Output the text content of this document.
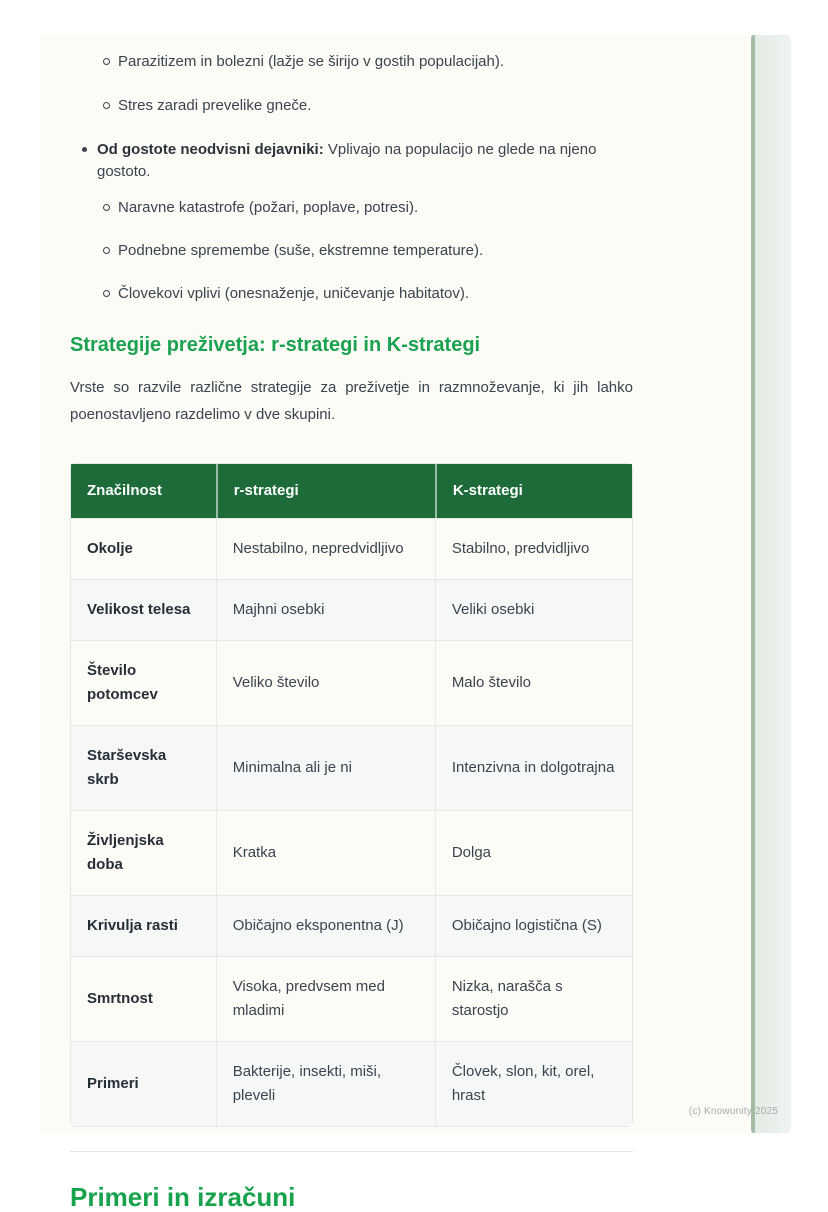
Parazitizem in bolezni (lažje se širijo v gostih populacijah).
Stres zaradi prevelike gneče.
Od gostote neodvisni dejavniki: Vplivajo na populacijo ne glede na njeno gostoto.
Naravne katastrofe (požari, poplave, potresi).
Podnebne spremembe (suše, ekstremne temperature).
Človekovi vplivi (onesnaženje, uničevanje habitatov).
Strategije preživetja: r-strategi in K-strategi

Vrste so razvile različne strategije za preživetje in razmnoževanje, ki jih lahko poenostavljeno razdelimo v dve skupini.

Značilnost	r-strategi	K-strategi
Okolje	Nestabilno, nepredvidljivo	Stabilno, predvidljivo
Velikost telesa	Majhni osebki	Veliki osebki
Število potomcev	Veliko število	Malo število
Starševska skrb	Minimalna ali je ni	Intenzivna in dolgotrajna
Življenjska doba	Kratka	Dolga
Krivulja rasti	Običajno eksponentna (J)	Običajno logistična (S)
Smrtnost	Visoka, predvsem med mladimi	Nizka, narašča s starostjo
Primeri	Bakterije, insekti, miši, pleveli	Človek, slon, kit, orel, hrast
Primeri in izračuni
(c) Knowunity 2025
